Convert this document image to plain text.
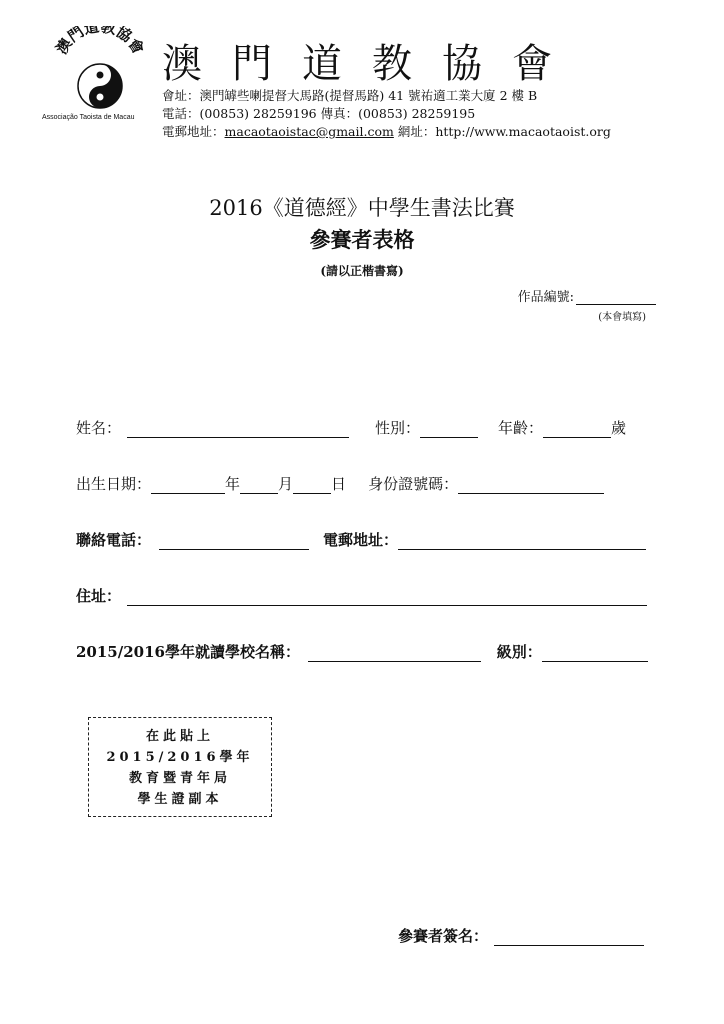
澳門道教協會
Associação Taoista de Macau
澳門道教協會
會址：澳門罅些喇提督大馬路(提督馬路) 41 號祐適工業大廈 2 樓 B
電話：(00853) 28259196 傳真：(00853) 28259195
電郵地址：macaotaoistac@gmail.com 網址：http://www.macaotaoist.org
2016《道德經》中學生書法比賽
參賽者表格
(請以正楷書寫)
作品編號:
(本會填寫)
姓名：	性別：	年齡：	歲
出生日期：	年	月	日 身份證號碼：
聯絡電話：	電郵地址：
住址：
2015/2016學年就讀學校名稱：	級別：
在此貼上
2015/2016學年
教育暨青年局
學生證副本
參賽者簽名：
